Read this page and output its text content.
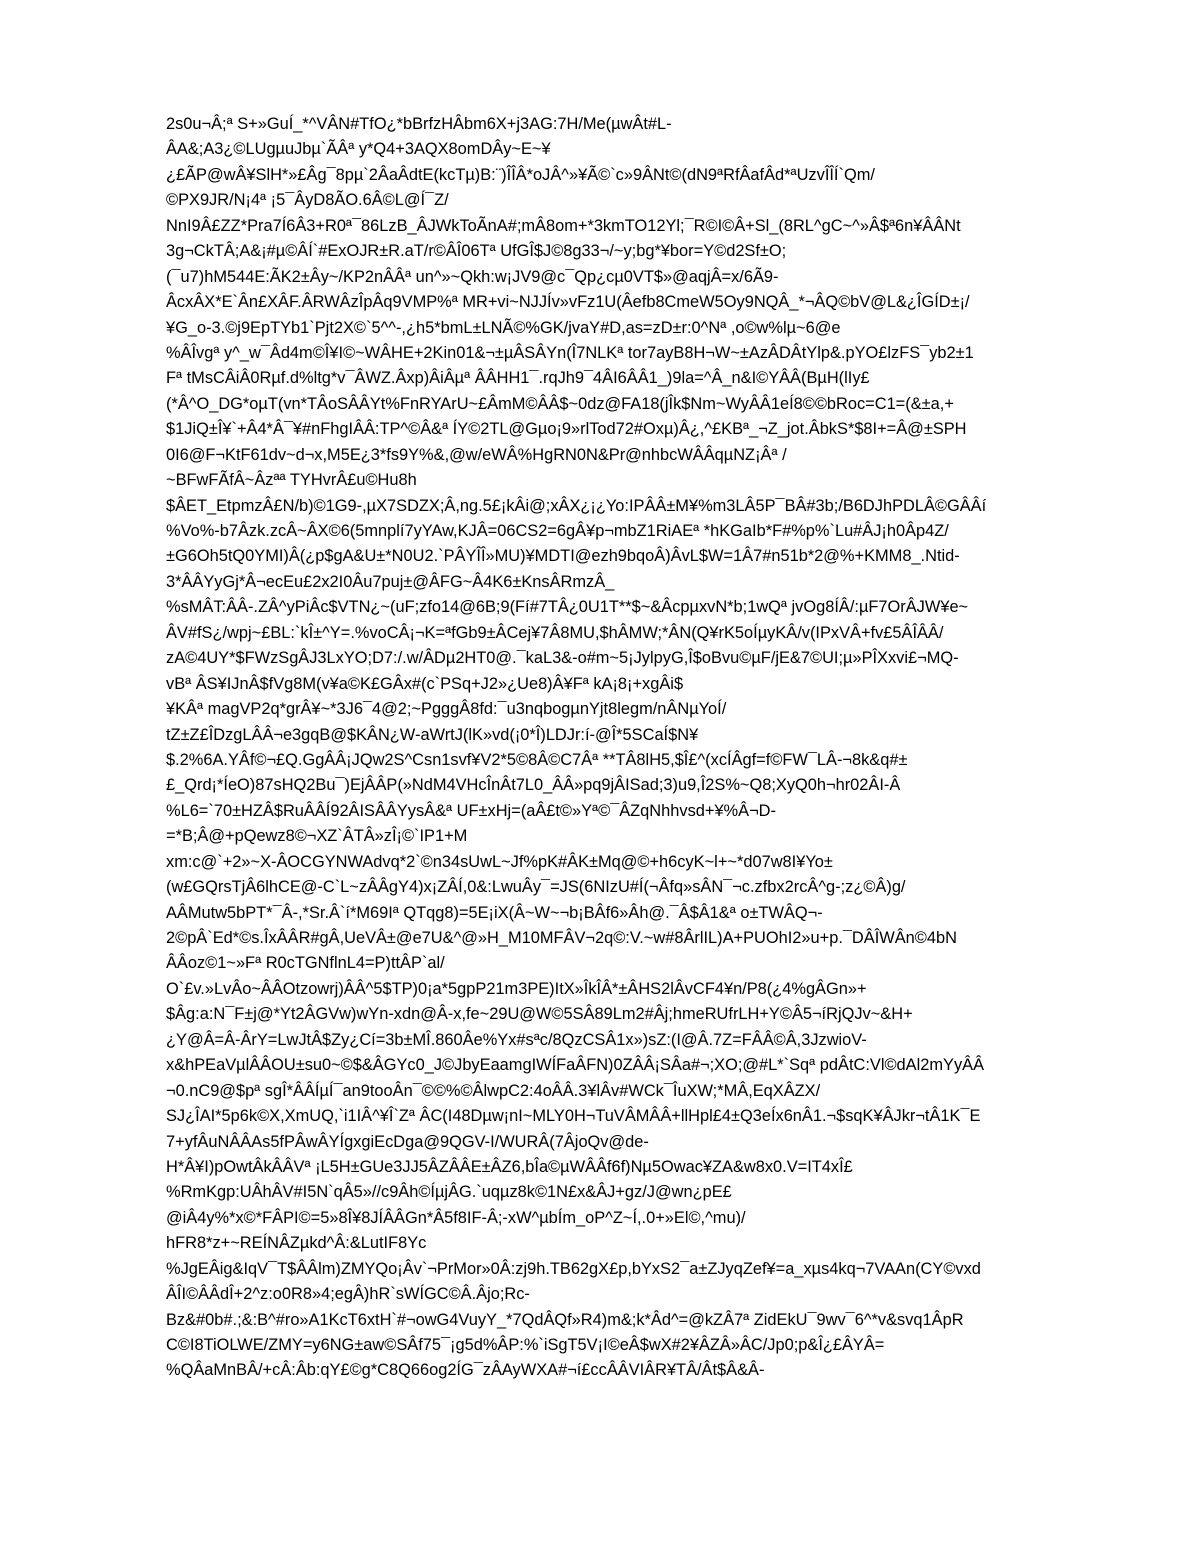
2s0u¬Â;ª S+»GuÍ_*^VÂN#TfO¿*bBrfzHÂbm6X+j3AG:7H/Me(µwÂt#L-
ÂA&;A3¿©LUgµuJbµ`ÃÂª y*Q4+3AQX8omDÂy~E~¥
¿£ÃP@wÂ¥SlH*»£Âg¯8pµ`2ÂaÂdtE(kcTµ)B:¨)ÎÎÂ*oJÂ^»¥Ã©`c»9ÂNt©(dN9ªRfÂafÂd*ªUzvÎÎÍ`Qm/
©PX9JR/N¡4ª ¡5¯ÂyD8ÃO.6Â©L@Í¯Z/
NnI9Â£ZZ*Pra7Í6Â3+R0ª¯86LzB_ÂJWkToÃnA#;mÂ8om+*3kmTO12Yl;¯R©I©Â+Sl_(8RL^gC~^»Â$ª6n¥ÂÂNt
3g¬CkTÂ;A&¡#µ©ÂÍ`#ExOJR±R.aT/r©ÂÎ06Tª UfGÎ$J©8g33¬/~y;bg*¥bor=Y©d2Sf±O;
(¯u7)hM544E:ÃK2±Ây~/KP2nÂÂª un^»~Qkh:w¡JV9@c¯Qp¿cµ0VT$»@aqjÂ=x/6Ã9-
ÂcxÂX*E`Ân£XÂF.ÂRWÂzÎpÂq9VMP%ª MR+vi~NJJÍv»vFz1U(Âefb8CmeW5Oy9NQÂ_*¬ÂQ©bV@L&¿ÎGÍD±¡/
¥G_o-3.©j9EpTYb1`Pjt2X©`5^^-,¿h5*bmL±LNÃ©%GK/jvaY#D,as=zD±r:0^Nª ,o©w%lµ~6@e
%ÂÎvgª y^_w¯Âd4m©Î¥I©~WÂHE+2Kin01&¬±µÂSÂYn(Î7NLKª tor7ayB8H¬W~±AzÂDÂtYlp&.pYO£lzFS¯yb2±1
Fª tMsCÂiÂ0Rµf.d%ltg*v¯ÂWZ.Âxp)ÂiÂµª ÂÂHH1¯.rqJh9¯4ÂI6ÂÂ1_)9la=^Â_n&I©YÂÂ(BµH(lIy£
(*Â^O_DG*oµT(vn*TÂoSÂÂYt%FnRYArU~£ÂmM©ÂÂ$~0dz@FA18(jÎk$Nm~WyÂÂ1eÍ8©©bRoc=C1=(&±a,+
$1JiQ±Î¥`+Â4*Â¯¥#nFhgIÂÂ:TP^©Â&ª ÍY©2TL@Gµo¡9»rlTod72#Oxµ)Â¿,^£KBª_¬Z_jot.ÂbkS*$8I+=Â@±SPH
0I6@F¬KtF61dv~d¬x,M5E¿3*fs9Y%&,@w/eWÂ%HgRN0N&Pr@nhbcWÂÂqµNZ¡Âª /
~BFwFÃfÂ~Âzªª TYHvrÂ£u©Hu8h
$ÂET_EtpmzÂ£N/b)©1G9-,µX7SDZX;Â,ng.5£¡kÂi@;xÂX¿¡¿Yo:IPÂÂ±M¥%m3LÂ5P¯BÂ#3b;/B6DJhPDLÂ©GÂÂí
%Vo%-b7Âzk.zcÂ~ÂX©6(5mnplí7yYAw,KJÂ=06CS2=6gÂ¥p¬mbZ1RiAEª *hKGaIb*F#%p%`Lu#ÂJ¡h0Âp4Z/
±G6Oh5tQ0YMI)Â(¿p$gA&U±*N0U2.`PÂYÎÎ»MU)¥MDTI@ezh9bqoÂ)ÂvL$W=1Â7#n51b*2@%+KMM8_.Ntid-
3*ÂÂYyGj*Â¬ecEu£2x2I0Âu7puj±@ÂFG~Â4K6±KnsÂRmzÂ_
%sMÂT:ÂÂ-.ZÂ^yPiÂc$VTN¿~(uF;zfo14@6B;9(Fí#7TÂ¿0U1T**$~&ÂcpµxvN*b;1wQª jvOg8ÍÂ/:µF7OrÂJW¥e~
ÂV#fS¿/wpj~£BL:`kÎ±^Y=.%voCÂ¡¬K=ªfGb9±ÂCej¥7Â8MU,$hÂMW;*ÂN(Q¥rK5oÍµyKÂ/v(IPxVÂ+fv£5ÂÎÂÂ/
zA©4UY*$FWzSgÂJ3LxYO;D7:/.w/ÂDµ2HT0@.¯kaL3&-o#m~5¡JylpyG,Î$oBvu©µF/jE&7©UI;µ»PÎXxvi£¬MQ-
vBª ÂS¥IJnÂ$fVg8M(v¥a©K£GÂx#(c`PSq+J2»¿Ue8)Â¥Fª kA¡8¡+xgÂi$
¥KÂª magVP2q*grÂ¥~*3J6¯4@2;~PgggÂ8fd:¯u3nqbogµnYjt8legm/nÂNµYoÍ/
tZ±Z£ÎDzgLÂÂ¬e3gqB@$KÂN¿W-aWrtJ(lK»vd(¡0*Î)LDJr:í-@Î*5SCaÍ$N¥
$.2%6A.YÂf©¬£Q.GgÂÂ¡JQw2S^Csn1svf¥V2*5©8Â©C7Âª **TÂ8lH5,$Î£^(xcÍÂgf=f©FW¯LÂ-¬8k&q#±
£_Qrd¡*ÍeO)87sHQ2Bu¯)EjÂÂP(»NdM4VHcÎnÂt7L0_ÂÂ»pq9jÂISad;3)u9,Î2S%~Q8;XyQ0h¬hr02ÂI-Â
%L6=`70±HZÂ$RuÂÂÍ92ÂISÂÂYysÂ&ª UF±xHj=(aÂ£t©»Yª©¯ÂZqNhhvsd+¥%Â¬D-
=*B;Â@+pQewz8©¬XZ`ÂTÂ»zÎ¡©`IP1+M
xm:c@`+2»~X-ÂOCGYNWAdvq*2`©n34sUwL~Jf%pK#ÂK±Mq@©+h6cyK~l+~*d07w8I¥Yo±
(w£GQrsTjÂ6lhCE@-C`L~zÂÂgY4)x¡ZÂÍ,0&:LwuÂy¯=JS(6NIzU#Í(¬Âfq»sÂN¯¬c.zfbx2rcÂ^g-;z¿©Â)g/
AÂMutw5bPT*¯Â-,*Sr.Â`í*M69Iª QTqg8)=5E¡iX(Â~W~¬b¡BÂf6»Âh@.¯Â$Â1&ª o±TWÂQ¬-
2©pÂ`Ed*©s.ÎxÂÂR#gÂ,UeVÂ±@e7U&^@»H_M10MFÂV¬2q©:V.~w#8ÂrlIL)A+PUOhI2»u+p.¯DÂÎWÂn©4bN
ÂÂoz©1~»Fª R0cTGNflnL4=P)ttÂP`al/
O`£v.»LvÂo~ÂÂOtzowrj)ÂÂ^5$TP)0¡a*5gpP21m3PE)ItX»ÎkÎÂ*±ÂHS2lÂvCF4¥n/P8(¿4%gÂGn»+
$Âg:a:N¯F±j@*Yt2ÂGVw)wYn-xdn@Â-x,fe~29U@W©5SÂ89Lm2#Âj;hmeRUfrLH+Y©Â5¬íRjQJv~&H+
¿Y@Â=Â-ÂrY=LwJtÂ$Zy¿Cí=3b±MÎ.860Âe%Yx#sªc/8QzCSÂ1x»)sZ:(I@Â.7Z=FÂÂ©Â,3JzwioV-
x&hPEaVµlÂÂOU±su0~©$&ÂGYc0_J©JbyEaamgIWÍFaÂFN)0ZÂÂ¡SÂa#¬;XO;@#L*`Sqª pdÂtC:Vl©dAl2mYyÂÂ
¬0.nC9@$pª sgÎ*ÂÂÍµÍ¯an9tooÂn¯©©%©ÂlwpC2:4oÂÂ.3¥lÂv#WCk¯ÎuXW;*MÂ,EqXÂZX/
SJ¿ÎAI*5p6k©X,XmUQ,`i1IÂ^¥Î`Zª ÂC(I48Dµw¡nI~MLY0H¬TuVÂMÂÂ+llHpl£4±Q3eÍx6nÂ1.¬$sqK¥ÂJkr¬tÂ1K¯E
7+yfÂuNÂÂAs5fPÂwÂYÍgxgiEcDga@9QGV-I/WURÂ(7ÂjoQv@de-
H*Â¥I)pOwtÂkÂÂVª ¡L5H±GUe3JJ5ÂZÂÂE±ÂZ6,bÎa©µWÂÂf6f)Nµ5Owac¥ZA&w8x0.V=IT4xÎ£
%RmKgp:UÂhÂV#I5N`qÂ5»//c9Âh©ÍµjÂG.`uqµz8k©1N£x&ÂJ+gz/J@wn¿pE£
@iÂ4y%*x©*FÂPI©=5»8Î¥8JÍÂÂGn*Â5f8IF-Â;-xW^µbÍm_oP^Z~Í,.0+»El©,^mu)/
hFR8*z+~REÍNÂZµkd^Â:&LutIF8Yc
%JgEÂig&IqV¯T$ÂÂlm)ZMYQo¡Âv`¬PrMor»0Â:zj9h.TB62gX£p,bYxS2¯a±ZJyqZef¥=a_xµs4kq¬7VAAn(CY©vxd
ÂÎI©ÂÂdÎ+2^z:o0R8»4;egÂ)hR`sWÍGC©Â.Âjo;Rc-
Bz&#0b#.;&:B^#ro»A1KcT6xtH`#¬owG4VuyY_*7QdÂQf»R4)m&;k*Âd^=@kZÂ7ª ZidEkU¯9wv¯6^*v&svq1ÂpR
C©I8TiOLWE/ZMY=y6NG±aw©SÂf75¯¡g5d%ÂP:%`iSgT5V¡I©eÂ$wX#2¥ÂZÂ»ÂC/Jp0;p&Î¿£ÂYÂ=
%QÂaMnBÂ/+cÂ:Âb:qY£©g*C8Q66og2ÍG¯zÂAyWXA#¬í£ccÂÂVIÂR¥TÂ/Ât$Â&Â-
